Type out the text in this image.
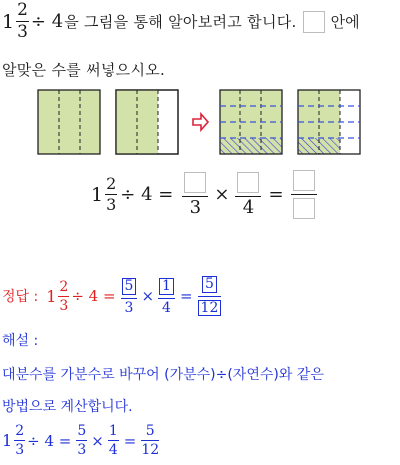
$1 \frac{2}{3} \div 4$ 을 그림을 통해 알아보려고 합니다. 안에
알맞은 수를 써넣으시오.
$1 \frac{2}{3} \div 4$ =
3
×
4
=
정답 : $1 \frac{2}{3} \div 4 = \frac{5}{3} \times \frac{1}{4} = \frac{5}{12}$
해설 :
대분수를 가분수로 바꾸어 (가분수)÷(자연수)와 같은
방법으로 계산합니다.
$1 \frac{2}{3} \div 4 = \frac{5}{3} \times \frac{1}{4} = \frac{5}{12}$
